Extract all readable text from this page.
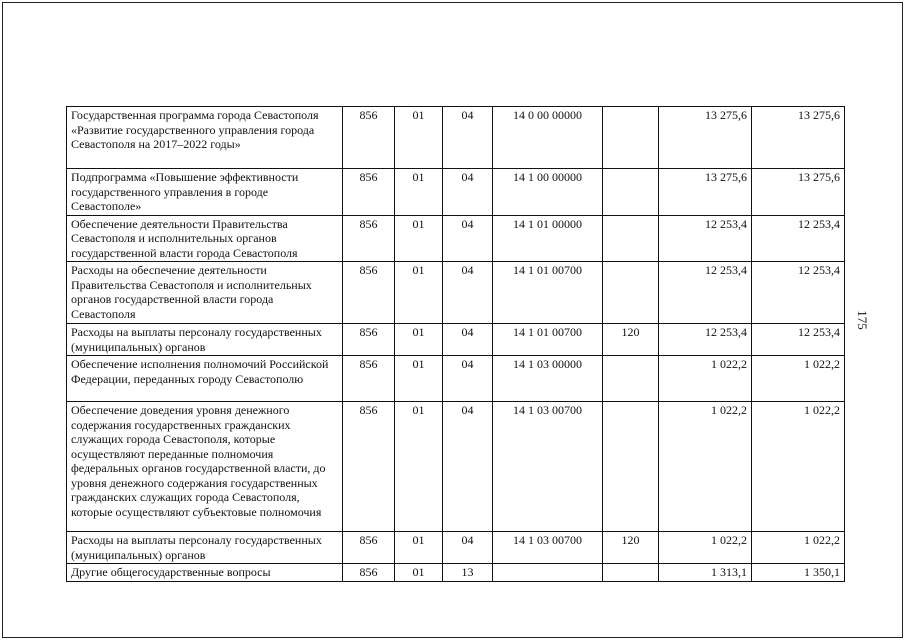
175
Государственная программа города Севастополя «Развитие государственного управления города Севастополя на 2017–2022 годы»	856	01	04	14 0 00 00000		13 275,6	13 275,6
Подпрограмма «Повышение эффективности государственного управления в городе Севастополе»	856	01	04	14 1 00 00000		13 275,6	13 275,6
Обеспечение деятельности Правительства Севастополя и исполнительных органов государственной власти города Севастополя	856	01	04	14 1 01 00000		12 253,4	12 253,4
Расходы на обеспечение деятельности Правительства Севастополя и исполнительных органов государственной власти города Севастополя	856	01	04	14 1 01 00700		12 253,4	12 253,4
Расходы на выплаты персоналу государственных (муниципальных) органов	856	01	04	14 1 01 00700	120	12 253,4	12 253,4
Обеспечение исполнения полномочий Российской Федерации, переданных городу Севастополю	856	01	04	14 1 03 00000		1 022,2	1 022,2
Обеспечение доведения уровня денежного содержания государственных гражданских служащих города Севастополя, которые осуществляют переданные полномочия федеральных органов государственной власти, до уровня денежного содержания государственных гражданских служащих города Севастополя, которые осуществляют субъектовые полномочия	856	01	04	14 1 03 00700		1 022,2	1 022,2
Расходы на выплаты персоналу государственных (муниципальных) органов	856	01	04	14 1 03 00700	120	1 022,2	1 022,2
Другие общегосударственные вопросы	856	01	13			1 313,1	1 350,1
